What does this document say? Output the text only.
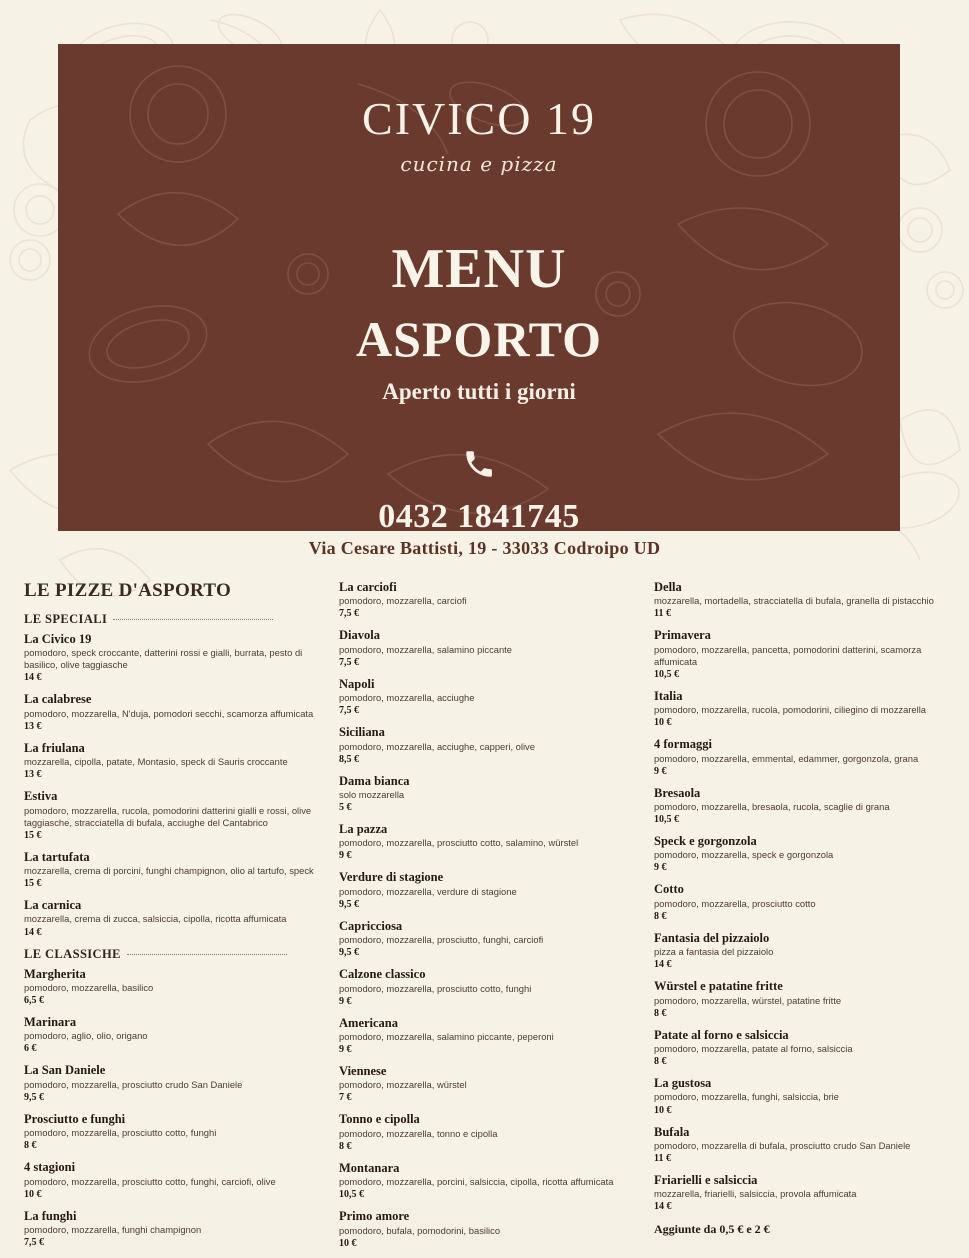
CIVICO 19
cucina e pizza
MENU
ASPORTO
Aperto tutti i giorni
0432 1841745
Via Cesare Battisti, 19 - 33033 Codroipo UD
LE PIZZE D'ASPORTO
LE SPECIALI
La Civico 19
pomodoro, speck croccante, datterini rossi e gialli, burrata, pesto di basilico, olive taggiasche
14 €
La calabrese
pomodoro, mozzarella, N'duja, pomodori secchi, scamorza affumicata
13 €
La friulana
mozzarella, cipolla, patate, Montasio, speck di Sauris croccante
13 €
Estiva
pomodoro, mozzarella, rucola, pomodorini datterini gialli e rossi, olive taggiasche, stracciatella di bufala, acciughe del Cantabrico
15 €
La tartufata
mozzarella, crema di porcini, funghi champignon, olio al tartufo, speck
15 €
La carnica
mozzarella, crema di zucca, salsiccia, cipolla, ricotta affumicata
14 €
LE CLASSICHE
Margherita
pomodoro, mozzarella, basilico
6,5 €
Marinara
pomodoro, aglio, olio, origano
6 €
La San Daniele
pomodoro, mozzarella, prosciutto crudo San Daniele
9,5 €
Prosciutto e funghi
pomodoro, mozzarella, prosciutto cotto, funghi
8 €
4 stagioni
pomodoro, mozzarella, prosciutto cotto, funghi, carciofi, olive
10 €
La funghi
pomodoro, mozzarella, funghi champignon
7,5 €
La carciofi
pomodoro, mozzarella, carciofi
7,5 €
Diavola
pomodoro, mozzarella, salamino piccante
7,5 €
Napoli
pomodoro, mozzarella, acciughe
7,5 €
Siciliana
pomodoro, mozzarella, acciughe, capperi, olive
8,5 €
Dama bianca
solo mozzarella
5 €
La pazza
pomodoro, mozzarella, prosciutto cotto, salamino, würstel
9 €
Verdure di stagione
pomodoro, mozzarella, verdure di stagione
9,5 €
Capricciosa
pomodoro, mozzarella, prosciutto, funghi, carciofi
9,5 €
Calzone classico
pomodoro, mozzarella, prosciutto cotto, funghi
9 €
Americana
pomodoro, mozzarella, salamino piccante, peperoni
9 €
Viennese
pomodoro, mozzarella, würstel
7 €
Tonno e cipolla
pomodoro, mozzarella, tonno e cipolla
8 €
Montanara
pomodoro, mozzarella, porcini, salsiccia, cipolla, ricotta affumicata
10,5 €
Primo amore
pomodoro, bufala, pomodorini, basilico
10 €
Della
mozzarella, mortadella, stracciatella di bufala, granella di pistacchio
11 €
Primavera
pomodoro, mozzarella, pancetta, pomodorini datterini, scamorza affumicata
10,5 €
Italia
pomodoro, mozzarella, rucola, pomodorini, ciliegino di mozzarella
10 €
4 formaggi
pomodoro, mozzarella, emmental, edammer, gorgonzola, grana
9 €
Bresaola
pomodoro, mozzarella, bresaola, rucola, scaglie di grana
10,5 €
Speck e gorgonzola
pomodoro, mozzarella, speck e gorgonzola
9 €
Cotto
pomodoro, mozzarella, prosciutto cotto
8 €
Fantasia del pizzaiolo
pizza a fantasia del pizzaiolo
14 €
Würstel e patatine fritte
pomodoro, mozzarella, würstel, patatine fritte
8 €
Patate al forno e salsiccia
pomodoro, mozzarella, patate al forno, salsiccia
8 €
La gustosa
pomodoro, mozzarella, funghi, salsiccia, brie
10 €
Bufala
pomodoro, mozzarella di bufala, prosciutto crudo San Daniele
11 €
Friarielli e salsiccia
mozzarella, friarielli, salsiccia, provola affumicata
14 €
Aggiunte da 0,5 € e 2 €
